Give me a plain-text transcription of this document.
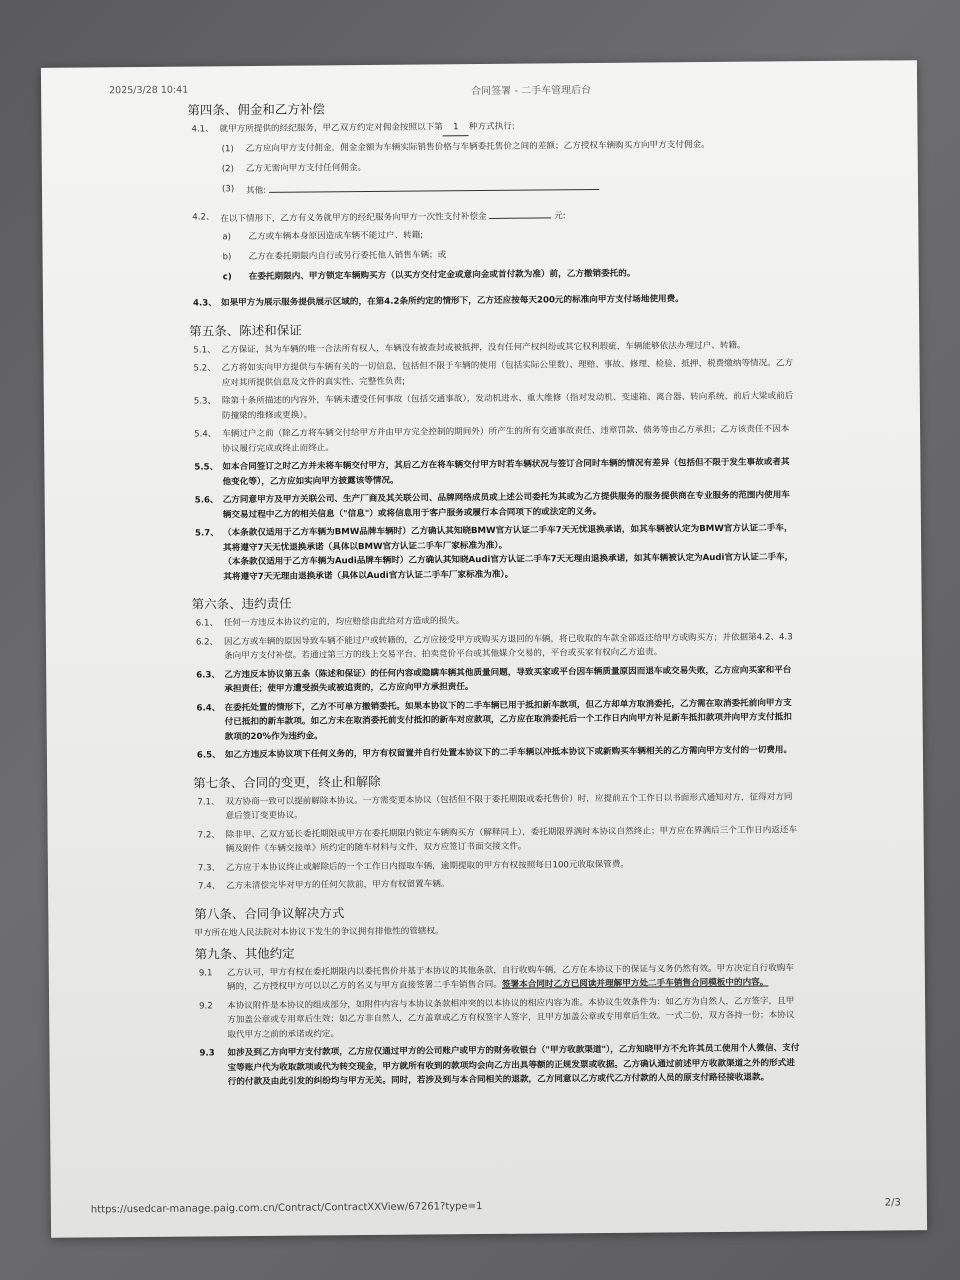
2025/3/28 10:41	合同签署 - 二手车管理后台
第四条、佣金和乙方补偿
4.1、 就甲方所提供的经纪服务，甲乙双方约定对佣金按照以下第 1 种方式执行:
(1)	乙方应向甲方支付佣金，佣金金额为车辆实际销售价格与车辆委托售价之间的差额；乙方授权车辆购买方向甲方支付佣金。
(2)	乙方无需向甲方支付任何佣金。
(3)	其他:
4.2、 在以下情形下，乙方有义务就甲方的经纪服务向甲方一次性支付补偿金	元:
a)	乙方或车辆本身原因造成车辆不能过户、转籍;
b)	乙方在委托期限内自行或另行委托他人销售车辆；或
c)	在委托期限内、甲方锁定车辆购买方（以买方交付定金或意向金或首付款为准）前，乙方撤销委托的。
4.3、 如果甲方为展示服务提供展示区域的，在第4.2条所约定的情形下，乙方还应按每天200元的标准向甲方支付场地使用费。
第五条、陈述和保证
5.1、 乙方保证，其为车辆的唯一合法所有权人，车辆没有被查封或被抵押，没有任何产权纠纷或其它权利瑕疵，车辆能够依法办理过户、转籍。
5.2、 乙方将如实向甲方提供与车辆有关的一切信息，包括但不限于车辆的使用（包括实际公里数）、理赔、事故、修理、检验、抵押、税费缴纳等情况。乙方应对其所提供信息及文件的真实性、完整性负责;
5.3、 除第十条所描述的内容外，车辆未遭受任何事故（包括交通事故），发动机进水、重大维修（指对发动机、变速箱、离合器、转向系统、前后大梁或前后防撞梁的维修或更换）。
5.4、 车辆过户之前（除乙方将车辆交付给甲方并由甲方完全控制的期间外）所产生的所有交通事故责任、违章罚款、债务等由乙方承担；乙方该责任不因本协议履行完成或终止而终止。
5.5、 如本合同签订之时乙方并未将车辆交付甲方，其后乙方在将车辆交付甲方时若车辆状况与签订合同时车辆的情况有差异（包括但不限于发生事故或者其他变化等），乙方应如实向甲方披露该等情况。
5.6、 乙方同意甲方及甲方关联公司、生产厂商及其关联公司、品牌网络成员或上述公司委托为其或为乙方提供服务的服务提供商在专业服务的范围内使用车辆交易过程中乙方的相关信息（"信息"）或将信息用于客户服务或履行本合同项下的或法定的义务。
5.7、 （本条款仅适用于乙方车辆为BMW品牌车辆时）乙方确认其知晓BMW官方认证二手车7天无忧退换承诺，如其车辆被认定为BMW官方认证二手车，其将遵守7天无忧退换承诺（具体以BMW官方认证二手车厂家标准为准）。
（本条款仅适用于乙方车辆为Audi品牌车辆时）乙方确认其知晓Audi官方认证二手车7天无理由退换承诺，如其车辆被认定为Audi官方认证二手车，其将遵守7天无理由退换承诺（具体以Audi官方认证二手车厂家标准为准）。
第六条、违约责任
6.1、 任何一方违反本协议约定的，均应赔偿由此给对方造成的损失。
6.2、 因乙方或车辆的原因导致车辆不能过户或转籍的，乙方应接受甲方或购买方退回的车辆，将已收取的车款全部返还给甲方或购买方；并依据第4.2、4.3条向甲方支付补偿。若通过第三方的线上交易平台、拍卖竞价平台或其他媒介交易的，平台或买家有权向乙方追责。
6.3、 乙方违反本协议第五条（陈述和保证）的任何内容或隐瞒车辆其他质量问题，导致买家或平台因车辆质量原因而退车或交易失败，乙方应向买家和平台承担责任；使甲方遭受损失或被追责的，乙方应向甲方承担责任。
6.4、 在委托处置的情形下，乙方不可单方撤销委托。如果本协议下的二手车辆已用于抵扣新车款项，但乙方却单方取消委托，乙方需在取消委托前向甲方支付已抵扣的新车款项。如乙方未在取消委托前支付抵扣的新车对应款项，乙方应在取消委托后一个工作日内向甲方补足新车抵扣款项并向甲方支付抵扣款项的20%作为违约金。
6.5、 如乙方违反本协议项下任何义务的，甲方有权留置并自行处置本协议下的二手车辆以冲抵本协议下或新购买车辆相关的乙方需向甲方支付的一切费用。
第七条、合同的变更，终止和解除
7.1、 双方协商一致可以提前解除本协议。一方需变更本协议（包括但不限于委托期限或委托售价）时，应提前五个工作日以书面形式通知对方，征得对方同意后签订变更协议。
7.2、 除非甲、乙双方延长委托期限或甲方在委托期限内锁定车辆购买方（解释同上），委托期限界满时本协议自然终止；甲方应在界满后三个工作日内返还车辆及附件《车辆交接单》所约定的随车材料与文件，双方应签订书面交接文件。
7.3、 乙方应于本协议终止或解除后的一个工作日内提取车辆，逾期提取的甲方有权按照每日100元收取保管费。
7.4、 乙方未清偿完毕对甲方的任何欠款前，甲方有权留置车辆。
第八条、合同争议解决方式
甲方所在地人民法院对本协议下发生的争议拥有排他性的管辖权。
第九条、其他约定
9.1	乙方认可，甲方有权在委托期限内以委托售价并基于本协议的其他条款，自行收购车辆，乙方在本协议下的保证与义务仍然有效。甲方决定自行收购车辆的，乙方授权甲方可以以乙方的名义与甲方直接签署二手车销售合同。签署本合同时乙方已阅读并理解甲方处二手车销售合同模板中的内容。
9.2	本协议附件是本协议的组成部分，如附件内容与本协议条款相冲突的以本协议的相应内容为准。本协议生效条件为：如乙方为自然人，乙方签字，且甲方加盖公章或专用章后生效；如乙方非自然人，乙方盖章或乙方有权签字人签字，且甲方加盖公章或专用章后生效。一式二份，双方各持一份；本协议取代甲方之前的承诺或约定。
9.3	如涉及到乙方向甲方支付款项，乙方应仅通过甲方的公司账户或甲方的财务收银台（"甲方收款渠道"），乙方知晓甲方不允许其员工使用个人微信、支付宝等账户代为收取款项或代为转交现金，甲方就所有收到的款项均会向乙方出具等额的正规发票或收据。乙方确认通过前述甲方收款渠道之外的形式进行的付款及由此引发的纠纷均与甲方无关。同时，若涉及到与本合同相关的退款，乙方同意以乙方或代乙方付款的人员的原支付路径接收退款。
https://usedcar-manage.paig.com.cn/Contract/ContractXXView/67261?type=1	2/3
